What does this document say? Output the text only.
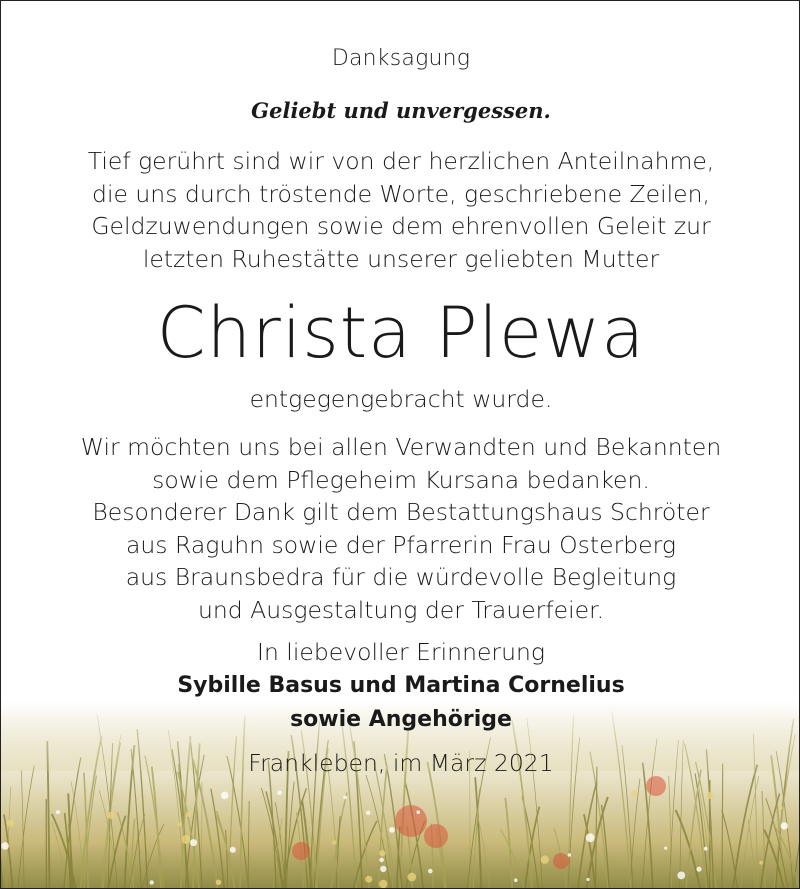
Danksagung
Geliebt und unvergessen.
Tief gerührt sind wir von der herzlichen Anteilnahme,
die uns durch tröstende Worte, geschriebene Zeilen,
Geldzuwendungen sowie dem ehrenvollen Geleit zur
letzten Ruhestätte unserer geliebten Mutter
Christa Plewa
entgegengebracht wurde.
Wir möchten uns bei allen Verwandten und Bekannten
sowie dem Pflegeheim Kursana bedanken.
Besonderer Dank gilt dem Bestattungshaus Schröter
aus Raguhn sowie der Pfarrerin Frau Osterberg
aus Braunsbedra für die würdevolle Begleitung
und Ausgestaltung der Trauerfeier.
In liebevoller Erinnerung
Sybille Basus und Martina Cornelius
sowie Angehörige
Frankleben, im März 2021
